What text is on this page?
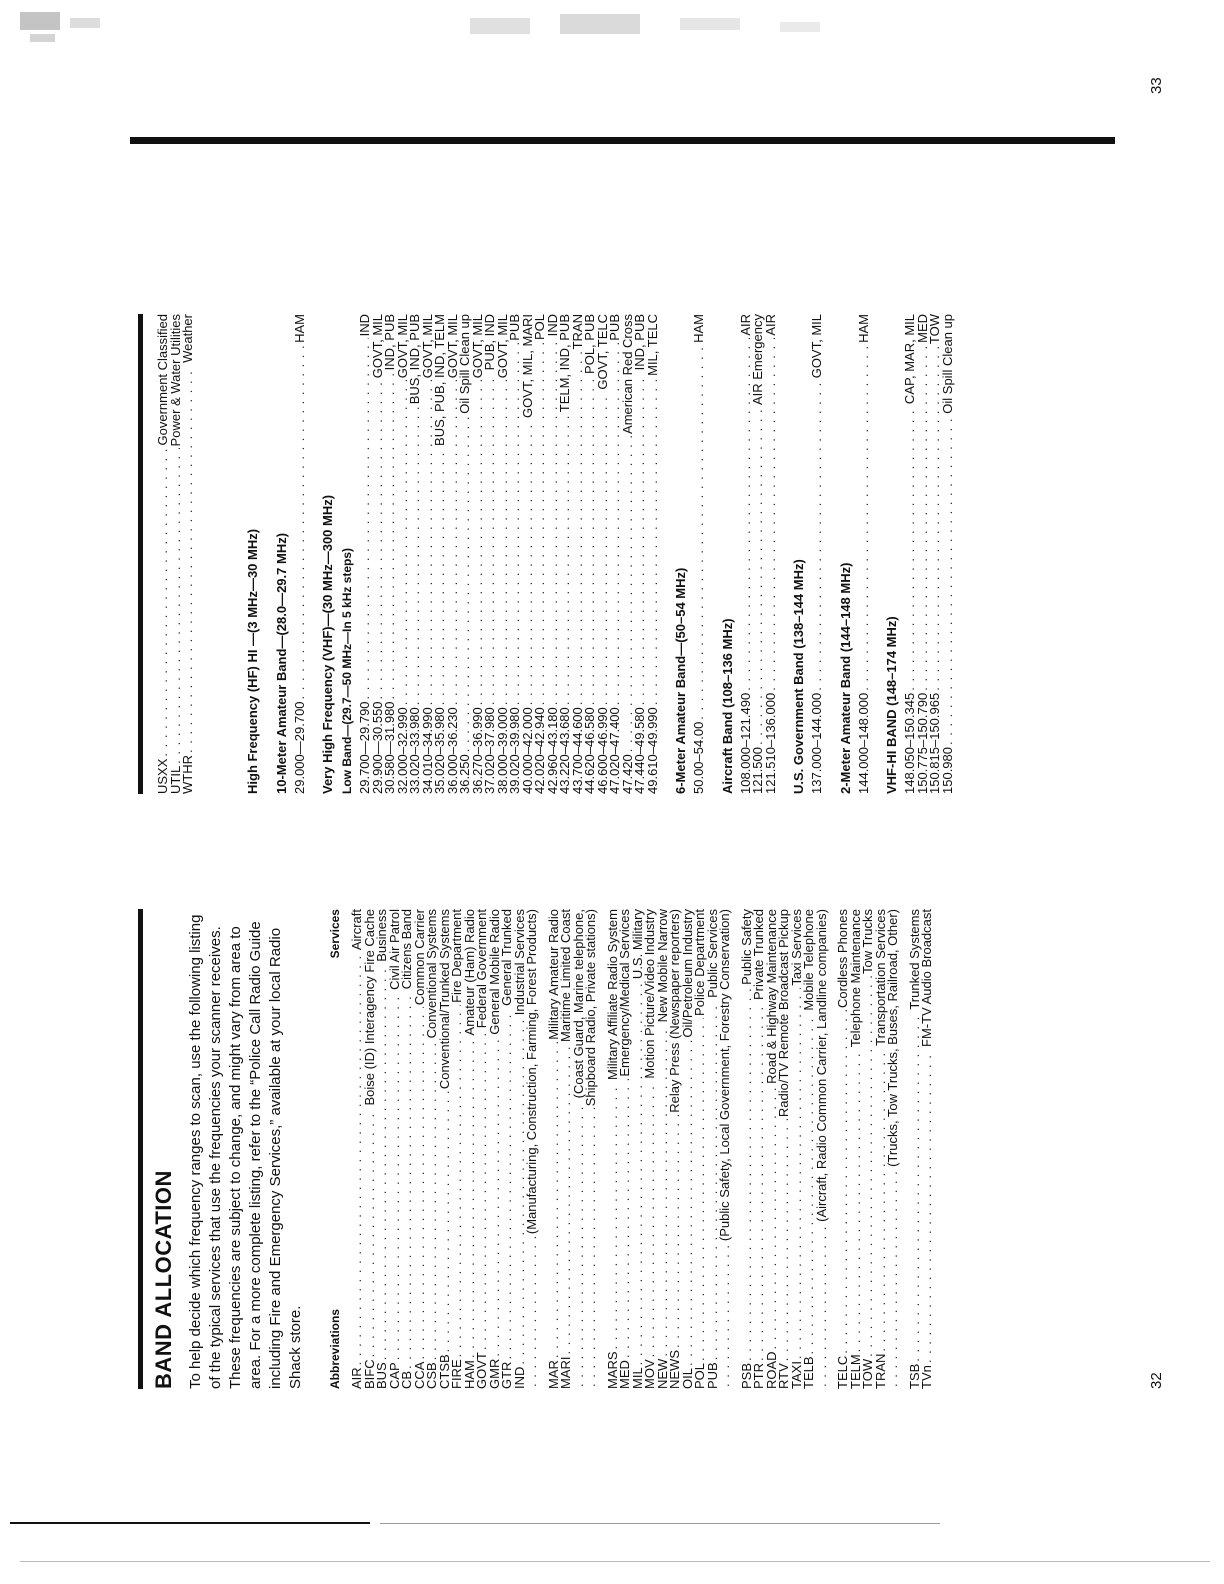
BAND ALLOCATION To help decide which frequency ranges to scan, use the following listing of the typical services that use the frequencies your scanner receives. These frequencies are subject to change, and might vary from area to area. For a more complete listing, refer to the “Police Call Radio Guide including Fire and Emergency Services,” available at your local Radio Shack store. Abbreviations
Services
AIR
. . .
Aircraft
BIFC
. . .
Boise (ID) Interagency Fire Cache
BUS
. . .
Business
CAP
. . .
Civil Air Patrol
CB
. . .
Citizens Band
CCA
. . .
Common Carrier
CSB
. . .
Conventional Systems
CTSB
. . .
Conventional/Trunked Systems
FIRE
. . .
Fire Department
HAM
. . .
Amateur (Ham) Radio
GOVT
. . .
Federal Government
GMR
. . .
General Mobile Radio
GTR
. . .
General Trunked
IND
. . .
Industrial Services
. . .
(Manufacturing, Construction, Farming, Forest Products)
MAR
. . .
Military Amateur Radio
MARI
. . .
Maritime Limited Coast
. . .
(Coast Guard, Marine telephone,
. . .
Shipboard Radio, Private stations)
MARS
. . .
Military Affiliate Radio System
MED
. . .
Emergency/Medical Services
MIL
. . .
U.S. Military
MOV
. . .
Motion Picture/Video Industry
NEW
. . .
New Mobile Narrow
NEWS
. . .
Relay Press (Newspaper reporters)
OIL
. . .
Oil/Petroleum Industry
POL
. . .
Police Department
PUB
. . .
Public Services
. . .
(Public Safety, Local Government, Forestry Conservation)
PSB
. . .
Public Safety
PTR
. . .
Private Trunked
ROAD
. . .
Road & Highway Maintenance
RTV
. . .
Radio/TV Remote Broadcast Pickup
TAXI
. . .
Taxi Services
TELB
. . .
Mobile Telephone
. . .
(Aircraft, Radio Common Carrier, Landline companies)
TELC
. . .
Cordless Phones
TELM
. . .
Telephone Maintenance
TOW
. . .
Tow Trucks
TRAN
. . .
Transportation Services
. . .
(Trucks, Tow Trucks, Buses, Railroad, Other)
TSB
. . .
Trunked Systems
TVn
. . .
FM-TV Audio Broadcast
32
USXX
. . .
Government Classified
UTIL
. . .
Power & Water Utilities
WTHR
. . .
Weather
High Frequency (HF) HI —(3 MHz—30 MHz) 10-Meter Amateur Band—(28.0—29.7 MHz) 29.000—29.700
. . .
HAM
Very High Frequency (VHF)—(30 MHz—300 MHz) Low Band—(29.7—50 MHz—In 5 kHz steps) 29.700—29.790
. . .
IND
29.900—30.550
. . .
GOVT, MIL
30.580—31.980
. . .
IND, PUB
32.000–32.990
. . .
GOVT, MIL
33.020–33.980
. . .
BUS, IND, PUB
34.010–34.990
. . .
GOVT, MIL
35.020–35.980
. . .
BUS, PUB, IND, TELM
36.000–36.230
. . .
GOVT, MIL
36.250
. . .
Oil Spill Clean up
36.270–36.990
. . .
GOVT, MIL
37.020–37.980
. . .
PUB, IND
38.000–39.000
. . .
GOVT, MIL
39.020–39.980
. . .
PUB
40.000–42.000
. . .
GOVT, MIL, MARI
42.020–42.940
. . .
POL
42.960–43.180
. . .
IND
43.220–43.680
. . .
TELM, IND, PUB
43.700–44.600
. . .
TRAN
44.620–46.580
. . .
POL, PUB
46.600–46.990
. . .
GOVT, TELC
47.020–47.400
. . .
PUB
47.420
. . .
American Red Cross
47.440–49.580
. . .
IND, PUB
49.610–49.990
. . .
MIL, TELC
6-Meter Amateur Band—(50–54 MHz) 50.00–54.00
. . .
HAM
Aircraft Band (108–136 MHz) 108.000–121.490
. . .
AIR
121.500
. . .
AIR Emergency
121.510–136.000
. . .
AIR
U.S. Government Band (138–144 MHz) 137.000–144.000
. . .
GOVT, MIL
2-Meter Amateur Band (144–148 MHz) 144.000–148.000
. . .
HAM
VHF-HI BAND (148–174 MHz) 148.050–150.345
. . .
CAP, MAR, MIL
150.775–150.790
. . .
MED
150.815–150.965
. . .
TOW
150.980
. . .
Oil Spill Clean up
33
